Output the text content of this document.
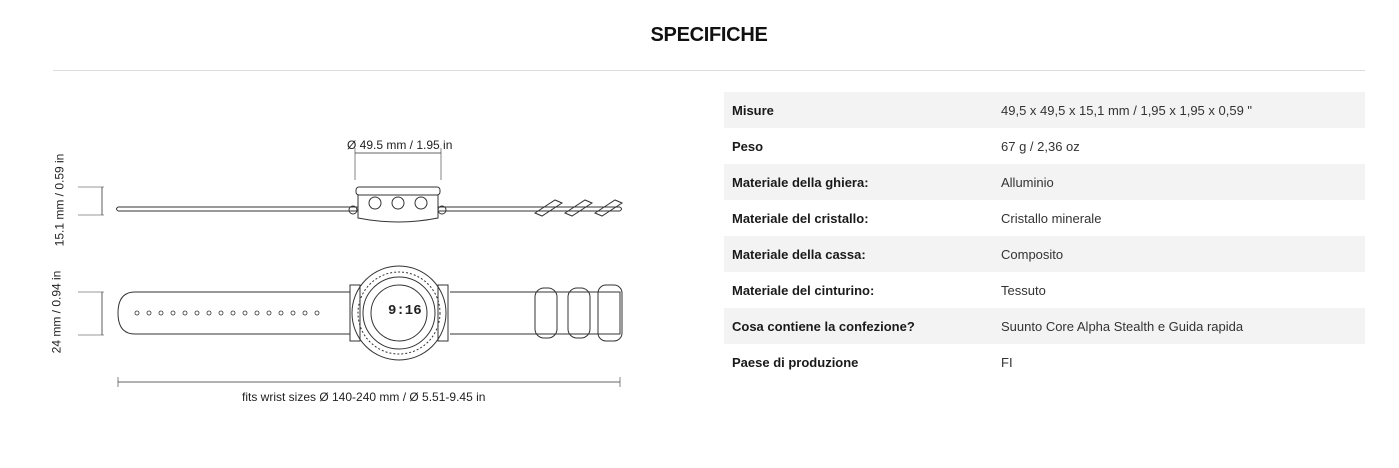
SPECIFICHE
Ø 49.5 mm / 1.95 in
15.1 mm / 0.59 in
24 mm / 0.94 in	9:16
fits wrist sizes Ø 140-240 mm / Ø 5.51-9.45 in
Misure	49,5 x 49,5 x 15,1 mm / 1,95 x 1,95 x 0,59 "
Peso	67 g / 2,36 oz
Materiale della ghiera:	Alluminio
Materiale del cristallo:	Cristallo minerale
Materiale della cassa:	Composito
Materiale del cinturino:	Tessuto
Cosa contiene la confezione?	Suunto Core Alpha Stealth e Guida rapida
Paese di produzione	FI
